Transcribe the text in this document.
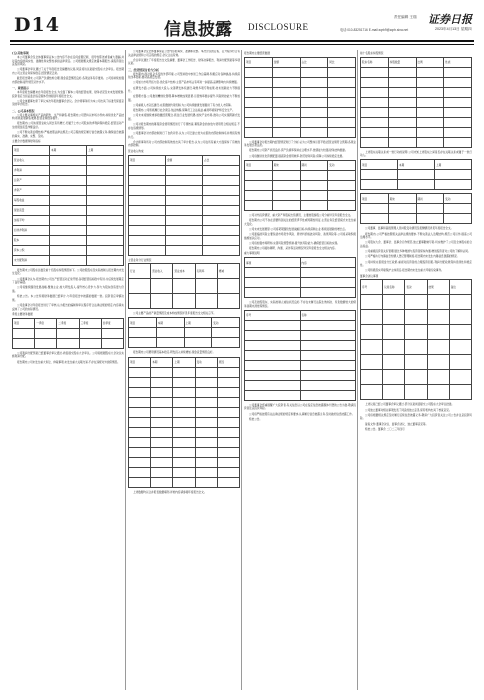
D14	信息披露 DISCLOSURE
责任编辑 王瑞 证券日报
电话:010-83251716 E-mail:zqrb9@zqrb.sina.net	2023年4月13日 星期四
(五)其他事项
本公司董事会及全体董事保证本公告内容不存在任何虚假记载、误导性陈述或者重大遗漏,并对其内容的真实性、准确性和完整性承担法律责任。公司根据相关规定披露本期报告,请投资者注意投资风险。
公司董事会审议通过了关于年度报告及摘要的议案,同意将该议案提交股东大会审议。报告期内公司主营业务保持稳定,经营情况正常。
截至报告期末,公司资产负债结构合理,现金流量情况良好,各项业务有序推进。公司将持续加强内部控制,提升规范运作水平。
一、重要提示
本年度报告摘要来自年度报告全文,为全面了解本公司的经营成果、财务状况及未来发展规划,投资者应当到证监会指定媒体仔细阅读年度报告全文。
公司全体董事出席了审议本次年报的董事会会议。会计师事务所为本公司出具了标准无保留意见的审计报告。
二、公司基本情况
公司主要从事相关产品的研发、生产和销售,报告期内公司坚持以市场为导向,持续优化产品结构,积极拓展销售渠道,经营业绩稳步提升。
报告期内,公司实现营业收入同比有所增长,归属于上市公司股东的净利润保持稳定,经营活动产生的现金流量净额良好。
公司不断完善治理结构,严格按照法律法规及公司章程的规定履行信息披露义务,确保信息披露的真实、准确、完整、及时。
主要会计数据和财务指标
项目	本期	上期
营业收入		
净利润		
总资产		
净资产		
每股收益		
现金流量		
加权平均		
扣非净利润		
股本		
资本公积		
未分配利润		
报告期末公司股东总数及前十名股东持股情况如下。公司控股股东及实际控制人报告期内未发生变化。
公司董事会认为,报告期内公司生产经营活动正常开展,各项经营指标稳中有进,为后续发展奠定了良好基础。
公司将继续围绕发展战略,聚焦主业,加大研发投入,提升核心竞争力,努力为股东创造更大价值。
特此公告。本公告所载财务数据已经审计,与年度报告中披露的数据一致。投资者应审慎决策。
公司监事会对年度报告进行了审核,认为报告的编制和审议程序符合法律法规的规定,内容真实反映了公司的实际情况。
季度主要财务数据
项目	一季度	二季度	三季度	四季度

公司利润分配预案已经董事会审议通过,尚需提交股东大会审议。公司将根据股东大会决议实施利润分配。
报告期内公司未发生重大诉讼、仲裁事项,未发生重大关联交易,不存在违规对外担保情况。
公司董事会及全体董事保证公告内容的真实、准确和完整。本次会议的召集、召开程序符合有关法律法规和公司章程的规定,会议合法有效。
会议审议通过了年度报告全文及摘要、董事会工作报告、财务决算报告、利润分配预案等多项议案。
三、经营情况讨论与分析
报告期内,面对复杂多变的外部环境,公司坚持稳中求进工作总基调,积极应对各种挑战,持续深化改革创新,推动高质量发展。
公司加大市场开拓力度,优化客户结构,主营产品市场占有率进一步提高,品牌影响力持续增强。
在研发方面,公司持续加大投入,完善研发体系建设,取得多项专利成果,技术创新能力不断提升。
在管理方面,公司推进精细化管理,降本增效成果显著,运营效率稳步提升,风险防控能力不断加强。
公司重视人才队伍建设,完善激励约束机制,为公司持续健康发展提供了有力的人才保障。
报告期内,公司积极履行社会责任,依法纳税,保障员工合法权益,重视环境保护和安全生产。
公司未来将继续秉承稳健经营理念,抓住行业发展机遇,加快产业布局,推动公司实现跨越式发展。
公司对报告期内的募集资金使用情况进行了专项核查,募集资金的存放与使用符合相关规定,不存在违规情形。
公司董事会对内部控制进行了自我评价,认为公司已建立较为完善的内部控制体系并得到有效执行。
会计师事务所对公司内部控制有效性出具了审计报告,认为公司在所有重大方面保持了有效的内部控制。
营业收入构成
项目	金额	占比

主营业务分行业情况
行业	营业收入	营业成本	毛利率	增减

公司主要产品的产销量情况及成本构成情况详见年度报告全文相关章节。
项目	本期	上期	变动

报告期内公司费用情况基本稳定,研发投入持续增加,现金流量情况良好。
项目	本期	上期	变动	原因

上述数据均以合并报表数据填列,详细内容请参阅年度报告全文。
报告期内主要经营数据
项目	金额	占比	同比

公司董事会对报告期内经营情况进行了分析,认为公司整体运营平稳,经营业绩符合预期,各项业务发展态势良好。
报告期内公司资产状况良好,资产负债率保持在合理水平,偿债能力较强,财务结构稳健。
公司将继续优化资源配置,提高资金使用效率,防范财务风险,保障公司持续稳定发展。
项目	期末	期初	变动

公司对外投资情况、重大资产和股权出售情况、主要控股参股公司分析详见年度报告全文。
报告期内公司不存在需要特别关注的经营季节性或周期性特征,主营业务及经营模式未发生重大变化。
公司未来发展展望:公司将紧紧围绕发展战略目标,持续深耕主业,积极拓展新的增长点。
公司面临的风险主要包括市场竞争风险、原材料价格波动风险、政策风险等,公司将采取积极措施加以应对。
公司将加强市场研判,完善风险预警机制,提升抗风险能力,确保经营目标的实现。
报告期内公司接待调研、沟通、采访等活动情况详见年度报告全文相关内容。
重大事项说明
事项	内容

公司及控股股东、实际控制人诚信状况良好,不存在未履行法院生效判决、所负数额较大的债务到期未清偿等情况。
序号	名称

公司董事会郑重提醒广大投资者,有关信息以公司在指定信息披露媒体刊登的公告为准,敬请投资者注意投资风险。
公司将严格按照有关法律法规的规定和要求,认真履行信息披露义务,及时做好信息披露工作。
特此公告。
前十名股东持股情况
股东名称	持股数量	比例	性质

上述股东关联关系或一致行动的说明:公司未知上述股东之间是否存在关联关系或属于一致行动人。
项目	本期	上期

项目	期末	期初	变动

公司董事、监事和高级管理人员持股变动情况及报酬情况详见年度报告全文。
报告期内,公司严格按照相关法律法规的要求,不断完善法人治理结构,规范公司运作,提高公司治理水平。
公司股东大会、董事会、监事会运作规范,独立董事勤勉尽责,切实维护了公司及全体股东的合法权益。
公司重视投资者关系管理,通过多种渠道与投资者保持沟通,增进投资者对公司的了解和认同。
公司严格执行内幕信息知情人登记管理制度,报告期内未发生内幕信息泄露的情况。
公司持续完善现金分红政策,重视对投资者的合理投资回报,利润分配政策保持连续性和稳定性。
公司积极落实环境保护主体责任,报告期内未发生重大环境污染事件。
董事会决议事项
序号	议案名称	表决	结果	备注

上述议案已经公司董事会审议通过,部分议案尚需提交公司股东大会审议批准。
公司独立董事对相关事项发表了同意的独立意见,保荐机构出具了核查意见。
公司将根据相关规定及时履行后续信息披露义务,敬请广大投资者关注公司公告并注意投资风险。
备查文件:董事会决议、监事会决议、独立董事意见等。
特此公告。董事会 二〇二三年四月
